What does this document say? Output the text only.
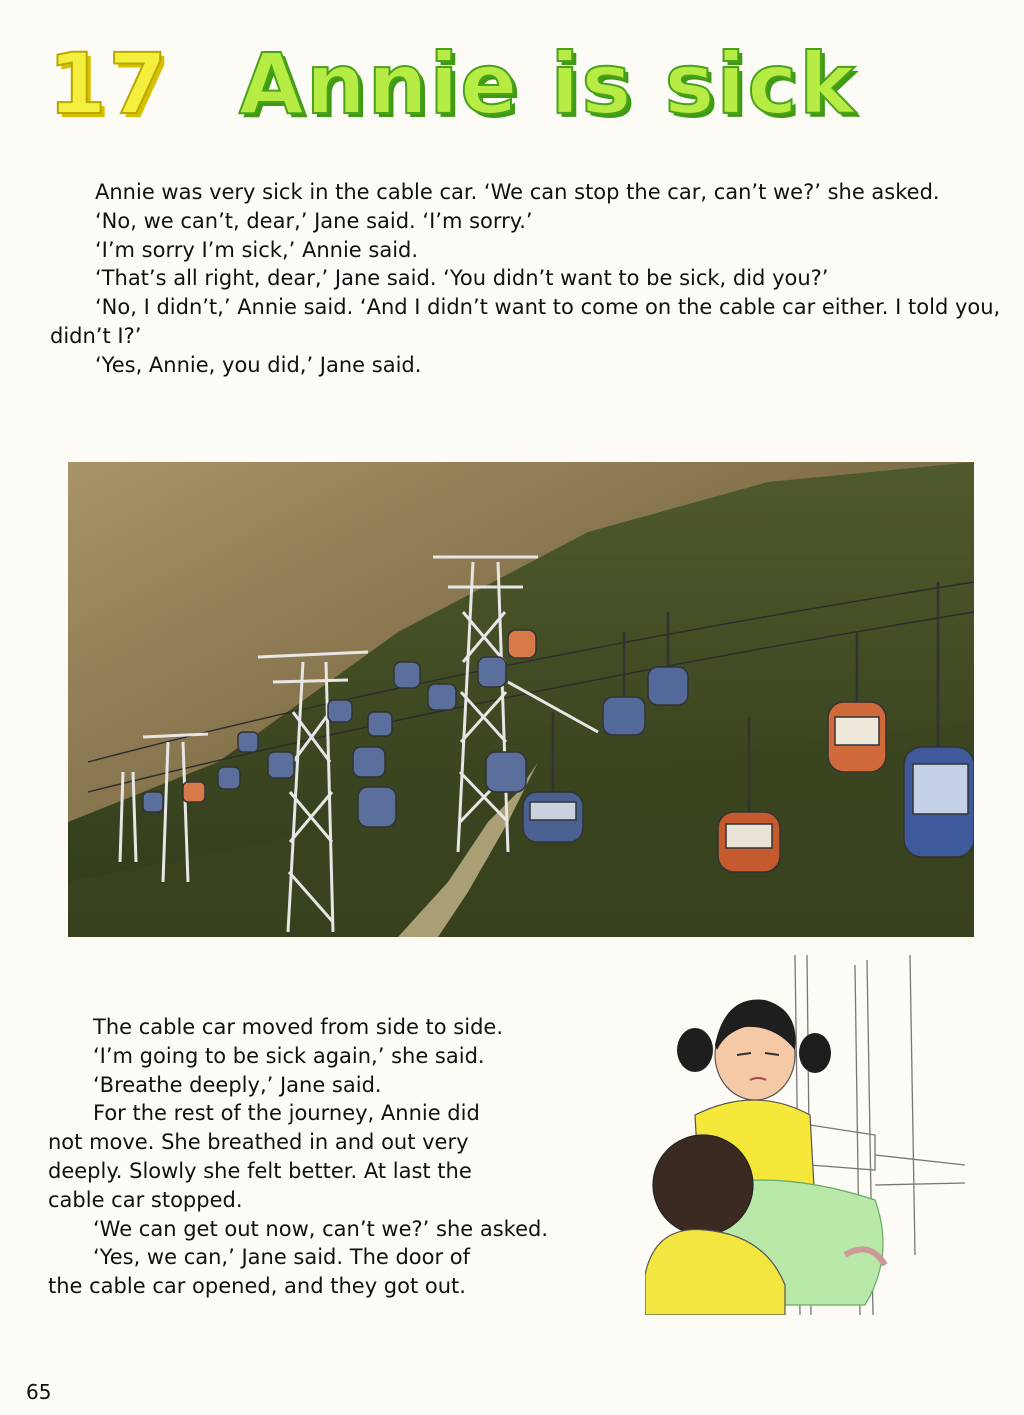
17 Annie is sick

Annie was very sick in the cable car. ‘We can stop the car, can’t we?’ she asked.

‘No, we can’t, dear,’ Jane said. ‘I’m sorry.’

‘I’m sorry I’m sick,’ Annie said.

‘That’s all right, dear,’ Jane said. ‘You didn’t want to be sick, did you?’

‘No, I didn’t,’ Annie said. ‘And I didn’t want to come on the cable car either. I told you, didn’t I?’

‘Yes, Annie, you did,’ Jane said.

The cable car moved from side to side.

‘I’m going to be sick again,’ she said.

‘Breathe deeply,’ Jane said.

For the rest of the journey, Annie did not move. She breathed in and out very deeply. Slowly she felt better. At last the cable car stopped.

‘We can get out now, can’t we?’ she asked.

‘Yes, we can,’ Jane said. The door of the cable car opened, and they got out.

65
